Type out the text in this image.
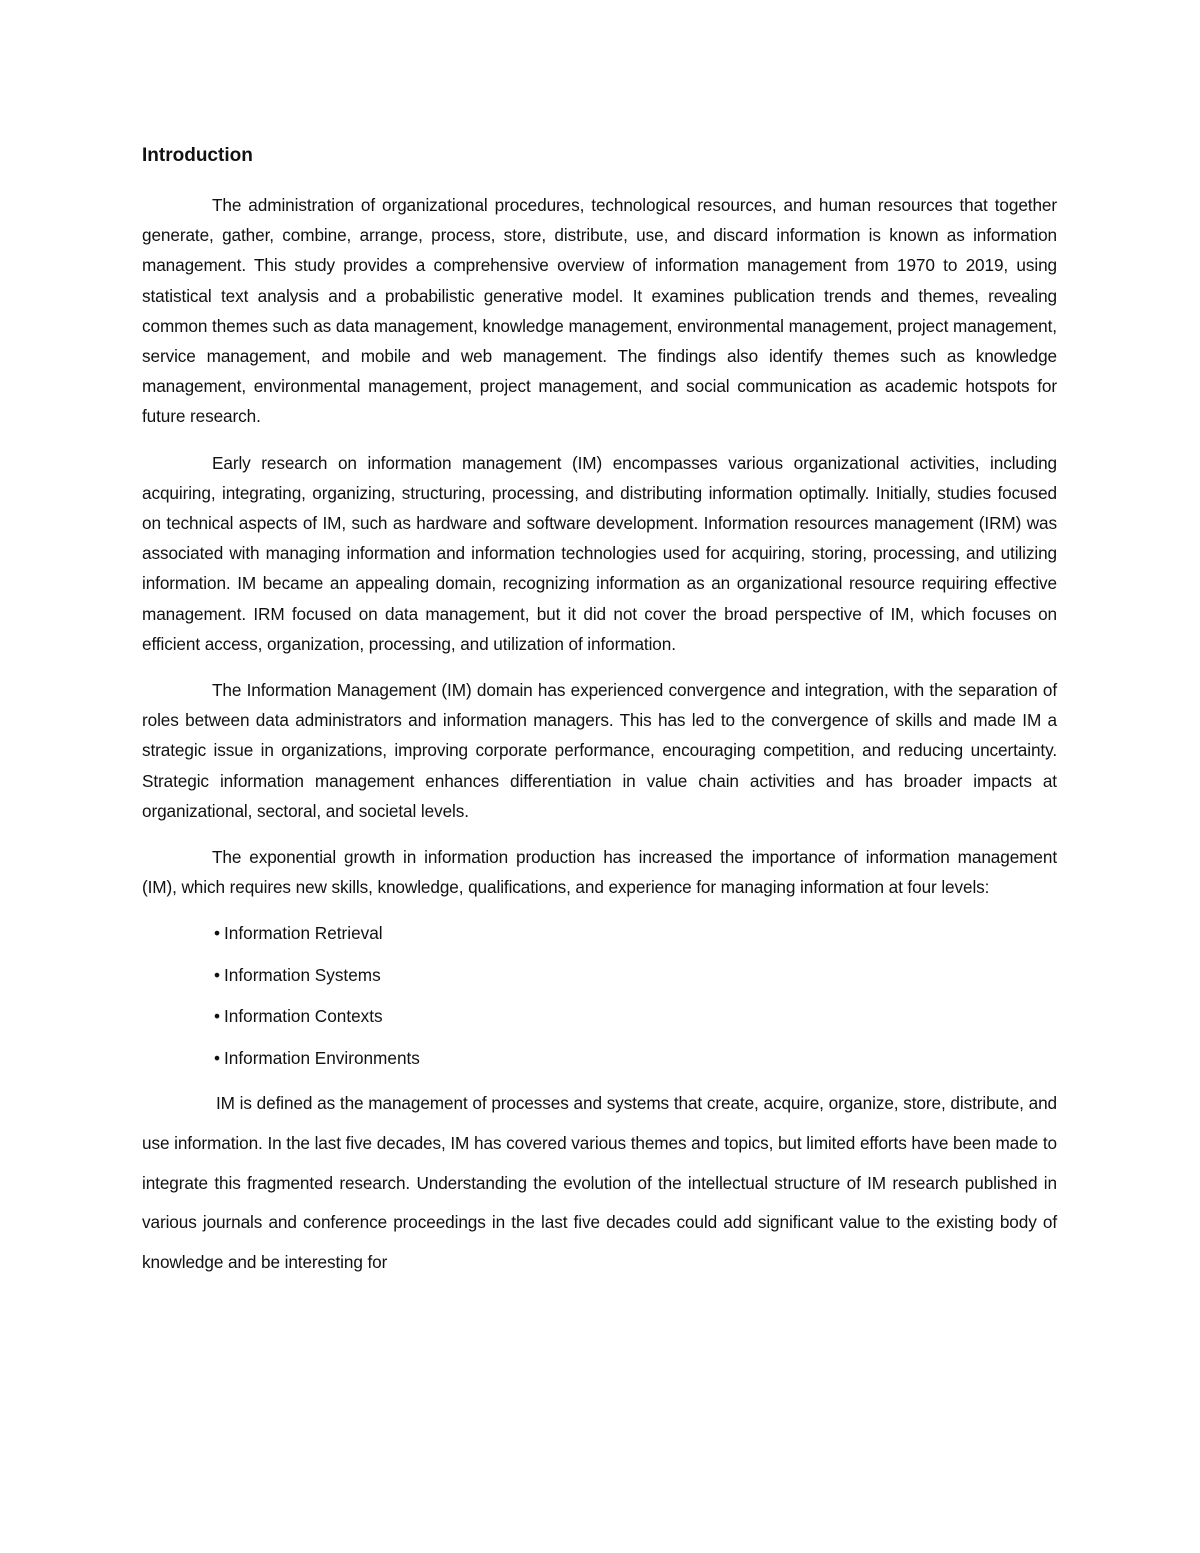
Introduction

The administration of organizational procedures, technological resources, and human resources that together generate, gather, combine, arrange, process, store, distribute, use, and discard information is known as information management. This study provides a comprehensive overview of information management from 1970 to 2019, using statistical text analysis and a probabilistic generative model. It examines publication trends and themes, revealing common themes such as data management, knowledge management, environmental management, project management, service management, and mobile and web management. The findings also identify themes such as knowledge management, environmental management, project management, and social communication as academic hotspots for future research.

Early research on information management (IM) encompasses various organizational activities, including acquiring, integrating, organizing, structuring, processing, and distributing information optimally. Initially, studies focused on technical aspects of IM, such as hardware and software development. Information resources management (IRM) was associated with managing information and information technologies used for acquiring, storing, processing, and utilizing information. IM became an appealing domain, recognizing information as an organizational resource requiring effective management. IRM focused on data management, but it did not cover the broad perspective of IM, which focuses on efficient access, organization, processing, and utilization of information.

The Information Management (IM) domain has experienced convergence and integration, with the separation of roles between data administrators and information managers. This has led to the convergence of skills and made IM a strategic issue in organizations, improving corporate performance, encouraging competition, and reducing uncertainty. Strategic information management enhances differentiation in value chain activities and has broader impacts at organizational, sectoral, and societal levels.

The exponential growth in information production has increased the importance of information management (IM), which requires new skills, knowledge, qualifications, and experience for managing information at four levels:

• Information Retrieval
• Information Systems
• Information Contexts
• Information Environments

IM is defined as the management of processes and systems that create, acquire, organize, store, distribute, and use information. In the last five decades, IM has covered various themes and topics, but limited efforts have been made to integrate this fragmented research. Understanding the evolution of the intellectual structure of IM research published in various journals and conference proceedings in the last five decades could add significant value to the existing body of knowledge and be interesting for
